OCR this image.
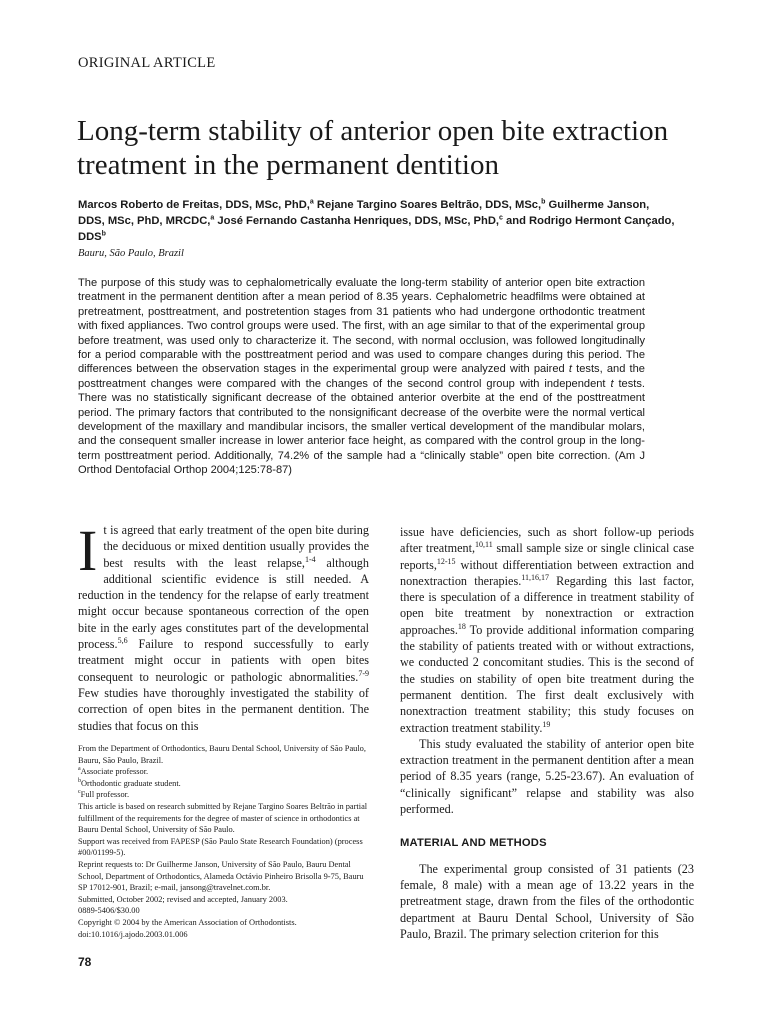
ORIGINAL ARTICLE
Long-term stability of anterior open bite extraction treatment in the permanent dentition

Marcos Roberto de Freitas, DDS, MSc, PhD,$^a$ Rejane Targino Soares Beltrão, DDS, MSc,$^b$ Guilherme Janson, DDS, MSc, PhD, MRCDC,$^a$ José Fernando Castanha Henriques, DDS, MSc, PhD,$^c$ and Rodrigo Hermont Cançado, DDS$^b$

Bauru, São Paulo, Brazil

The purpose of this study was to cephalometrically evaluate the long-term stability of anterior open bite extraction treatment in the permanent dentition after a mean period of 8.35 years. Cephalometric headfilms were obtained at pretreatment, posttreatment, and postretention stages from 31 patients who had undergone orthodontic treatment with fixed appliances. Two control groups were used. The first, with an age similar to that of the experimental group before treatment, was used only to characterize it. The second, with normal occlusion, was followed longitudinally for a period comparable with the posttreatment period and was used to compare changes during this period. The differences between the observation stages in the experimental group were analyzed with paired t tests, and the posttreatment changes were compared with the changes of the second control group with independent t tests. There was no statistically significant decrease of the obtained anterior overbite at the end of the posttreatment period. The primary factors that contributed to the nonsignificant decrease of the overbite were the normal vertical development of the maxillary and mandibular incisors, the smaller vertical development of the mandibular molars, and the consequent smaller increase in lower anterior face height, as compared with the control group in the long-term posttreatment period. Additionally, 74.2% of the sample had a “clinically stable” open bite correction. (Am J Orthod Dentofacial Orthop 2004;125:78-87)

It is agreed that early treatment of the open bite during the deciduous or mixed dentition usually provides the best results with the least relapse,$^{1-4}$ although additional scientific evidence is still needed. A reduction in the tendency for the relapse of early treatment might occur because spontaneous correction of the open bite in the early ages constitutes part of the developmental process.$^{5,6}$ Failure to respond successfully to early treatment might occur in patients with open bites consequent to neurologic or pathologic abnormalities.$^{7-9}$ Few studies have thoroughly investigated the stability of correction of open bites in the permanent dentition. The studies that focus on this

From the Department of Orthodontics, Bauru Dental School, University of São Paulo, Bauru, São Paulo, Brazil.
$^a$Associate professor.
$^b$Orthodontic graduate student.
$^c$Full professor.
This article is based on research submitted by Rejane Targino Soares Beltrão in partial fulfillment of the requirements for the degree of master of science in orthodontics at Bauru Dental School, University of São Paulo.
Support was received from FAPESP (São Paulo State Research Foundation) (process #00/01199-5).
Reprint requests to: Dr Guilherme Janson, University of São Paulo, Bauru Dental School, Department of Orthodontics, Alameda Octávio Pinheiro Brisolla 9-75, Bauru SP 17012-901, Brazil; e-mail, jansong@travelnet.com.br.
Submitted, October 2002; revised and accepted, January 2003.
0889-5406/$30.00
Copyright © 2004 by the American Association of Orthodontists.
doi:10.1016/j.ajodo.2003.01.006

issue have deficiencies, such as short follow-up periods after treatment,$^{10,11}$ small sample size or single clinical case reports,$^{12-15}$ without differentiation between extraction and nonextraction therapies.$^{11,16,17}$ Regarding this last factor, there is speculation of a difference in treatment stability of open bite treatment by nonextraction or extraction approaches.$^{18}$ To provide additional information comparing the stability of patients treated with or without extractions, we conducted 2 concomitant studies. This is the second of the studies on stability of open bite treatment during the permanent dentition. The first dealt exclusively with nonextraction treatment stability; this study focuses on extraction treatment stability.$^{19}$

This study evaluated the stability of anterior open bite extraction treatment in the permanent dentition after a mean period of 8.35 years (range, 5.25-23.67). An evaluation of “clinically significant” relapse and stability was also performed.

MATERIAL AND METHODS

The experimental group consisted of 31 patients (23 female, 8 male) with a mean age of 13.22 years in the pretreatment stage, drawn from the files of the orthodontic department at Bauru Dental School, University of São Paulo, Brazil. The primary selection criterion for this

78
